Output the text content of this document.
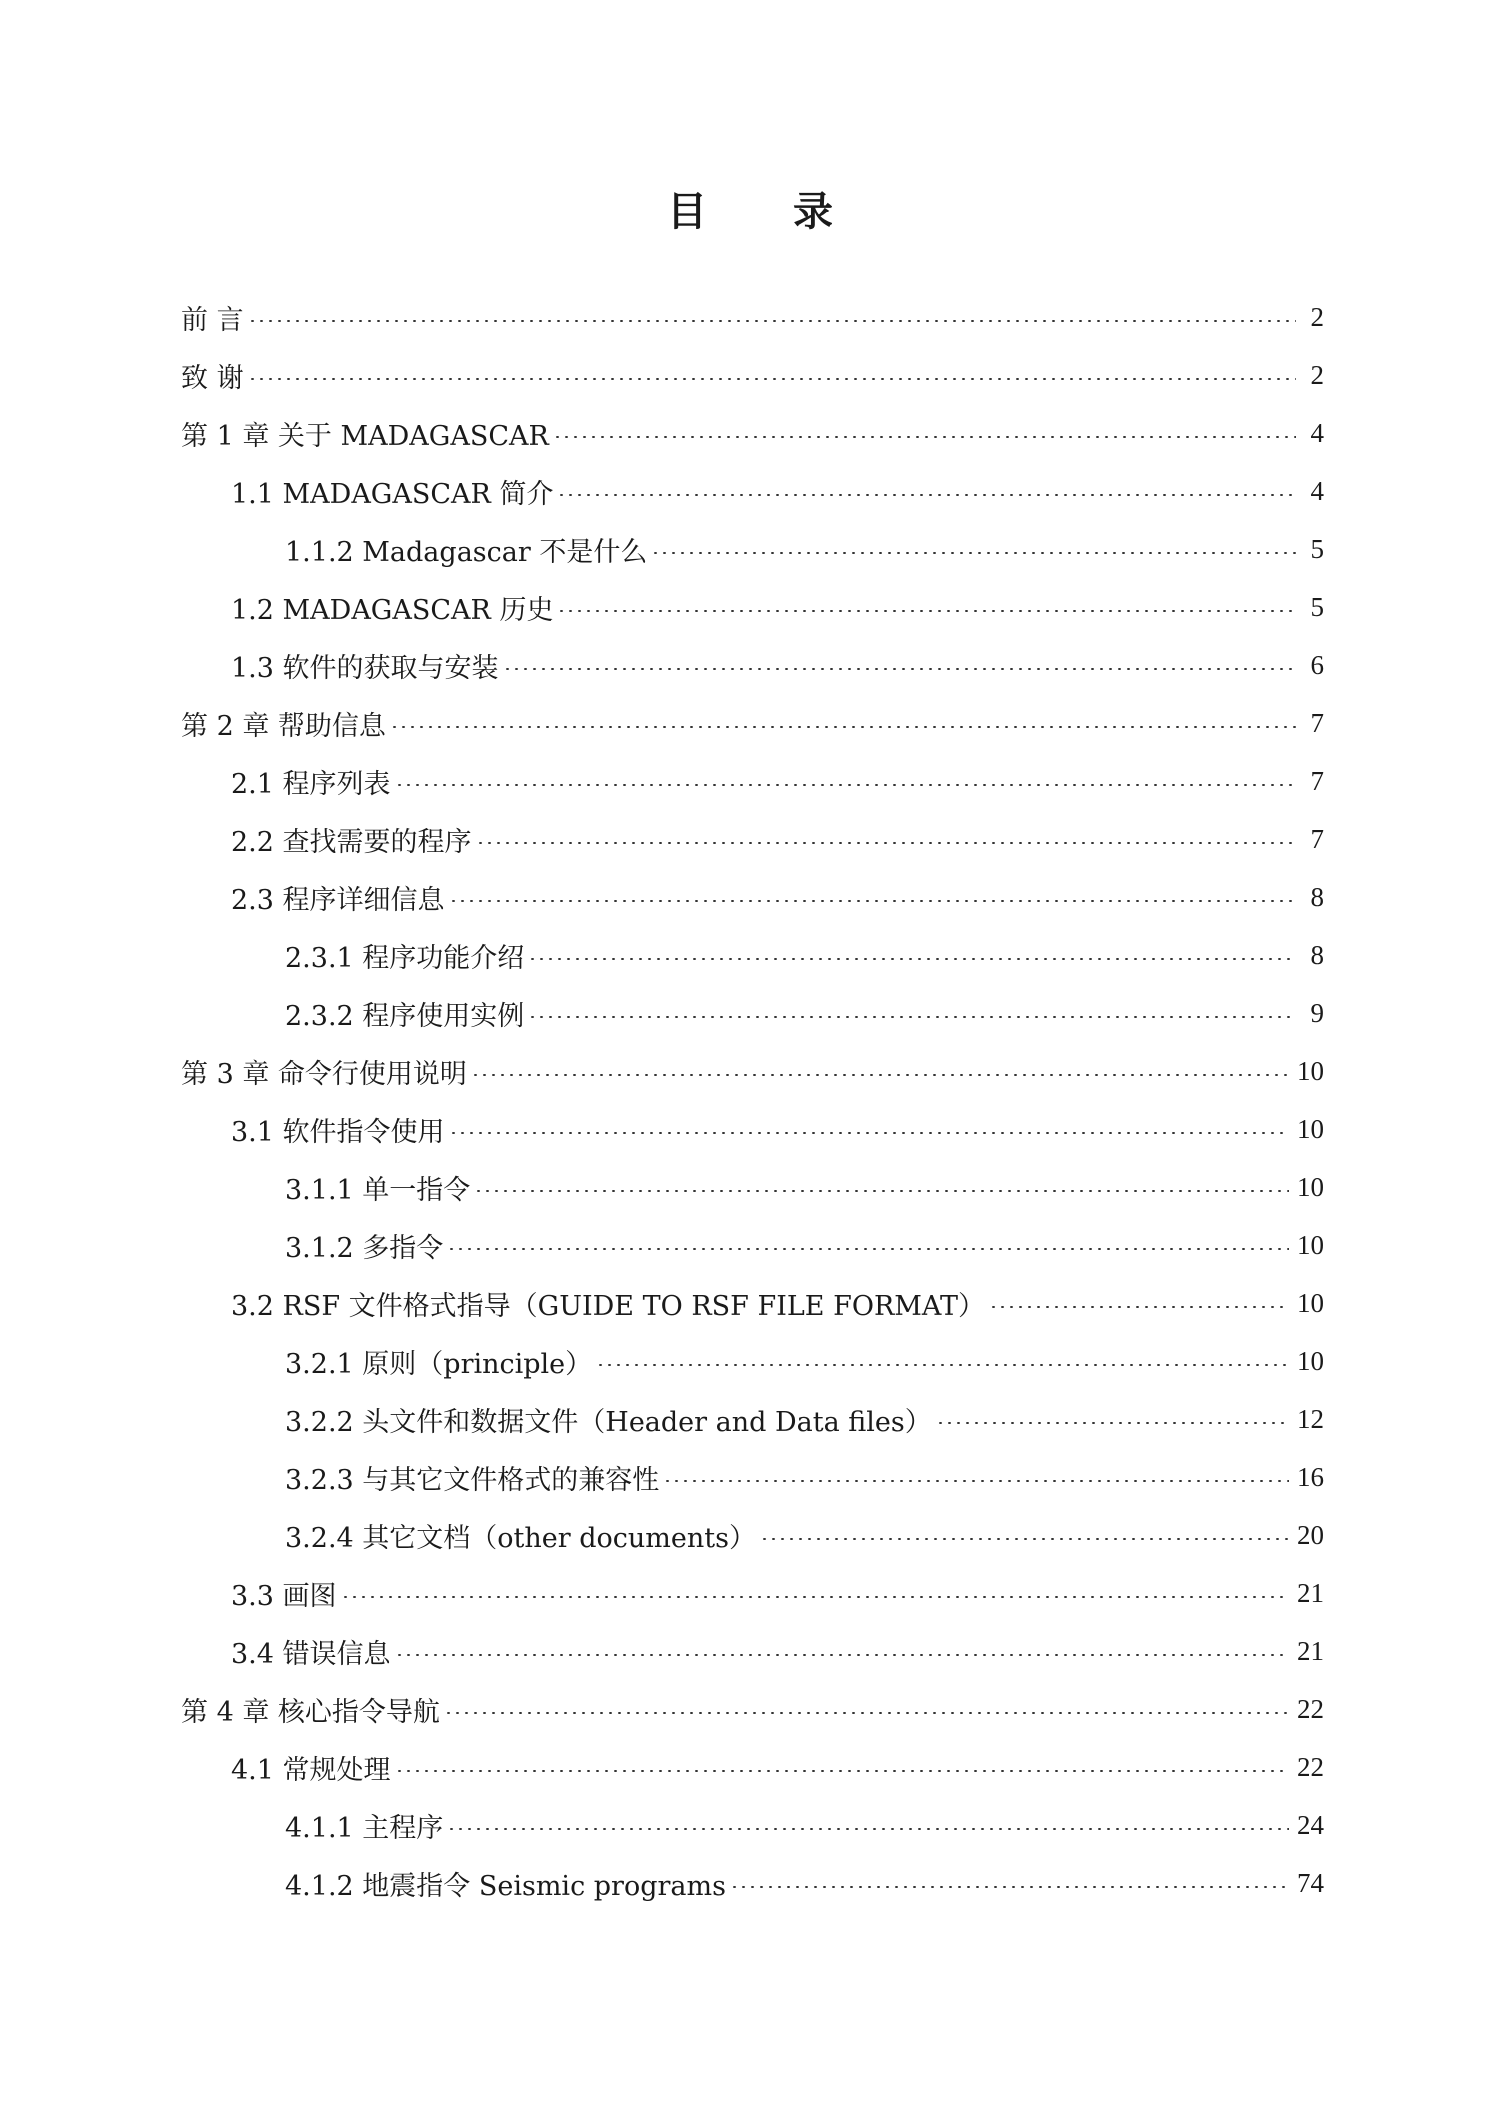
目 录
前 言	2
致 谢	2
第 1 章 关于 MADAGASCAR	4
1.1 MADAGASCAR 简介	4
1.1.2 Madagascar 不是什么	5
1.2 MADAGASCAR 历史	5
1.3 软件的获取与安装	6
第 2 章 帮助信息	7
2.1 程序列表	7
2.2 查找需要的程序	7
2.3 程序详细信息	8
2.3.1 程序功能介绍	8
2.3.2 程序使用实例	9
第 3 章 命令行使用说明	10
3.1 软件指令使用	10
3.1.1 单一指令	10
3.1.2 多指令	10
3.2 RSF 文件格式指导（GUIDE TO RSF FILE FORMAT）	10
3.2.1 原则（principle）	10
3.2.2 头文件和数据文件（Header and Data files）	12
3.2.3 与其它文件格式的兼容性	16
3.2.4 其它文档（other documents）	20
3.3 画图	21
3.4 错误信息	21
第 4 章 核心指令导航	22
4.1 常规处理	22
4.1.1 主程序	24
4.1.2 地震指令 Seismic programs	74
